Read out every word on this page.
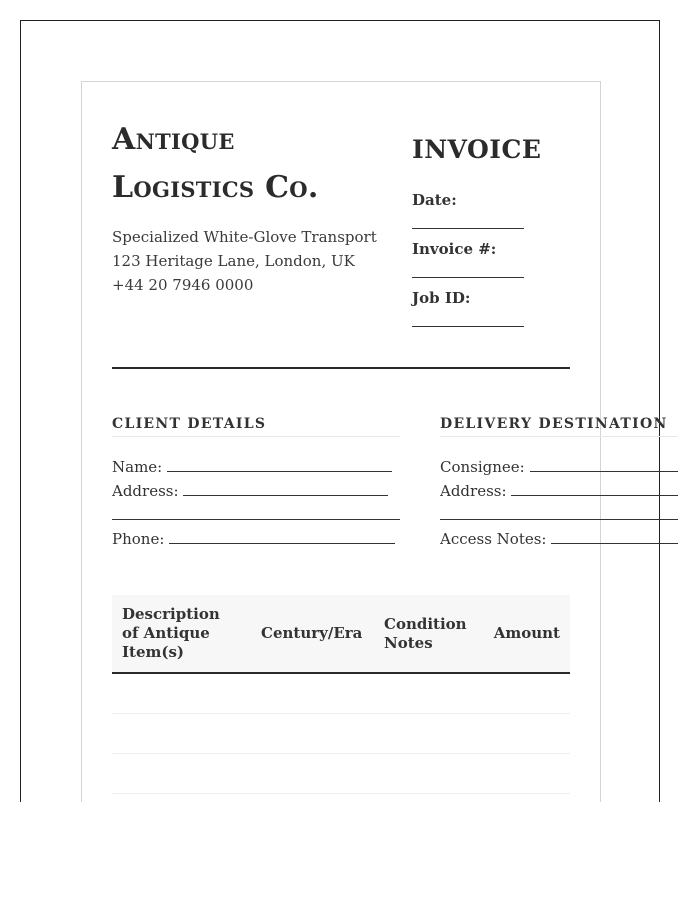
Antique
Logistics Co.
Specialized White-Glove Transport
123 Heritage Lane, London, UK
+44 20 7946 0000
INVOICE
Date:
Invoice #:
Job ID:
CLIENT DETAILS
Name:
Address:
Phone:
DELIVERY DESTINATION
Consignee:
Address:
Access Notes:
Description of Antique Item(s)	Century/Era	Condition Notes	Amount
